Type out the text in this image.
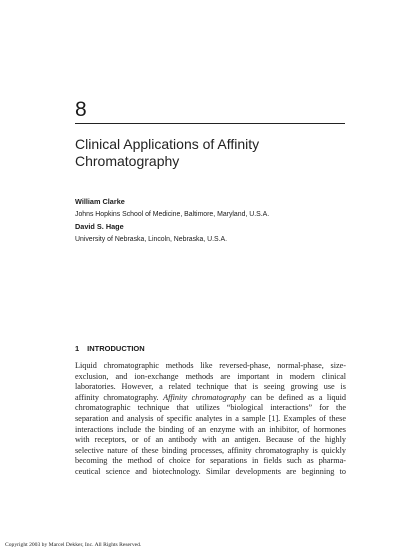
8
Clinical Applications of Affinity
Chromatography
William Clarke
Johns Hopkins School of Medicine, Baltimore, Maryland, U.S.A.
David S. Hage
University of Nebraska, Lincoln, Nebraska, U.S.A.
1 INTRODUCTION
Liquid chromatographic methods like reversed-phase, normal-phase, size-
exclusion, and ion-exchange methods are important in modern clinical
laboratories. However, a related technique that is seeing growing use is
affinity chromatography. Affinity chromatography can be defined as a liquid
chromatographic technique that utilizes “biological interactions” for the
separation and analysis of specific analytes in a sample [1]. Examples of these
interactions include the binding of an enzyme with an inhibitor, of hormones
with receptors, or of an antibody with an antigen. Because of the highly
selective nature of these binding processes, affinity chromatography is quickly
becoming the method of choice for separations in fields such as pharma-
ceutical science and biotechnology. Similar developments are beginning to
Copyright 2003 by Marcel Dekker, Inc. All Rights Reserved.
